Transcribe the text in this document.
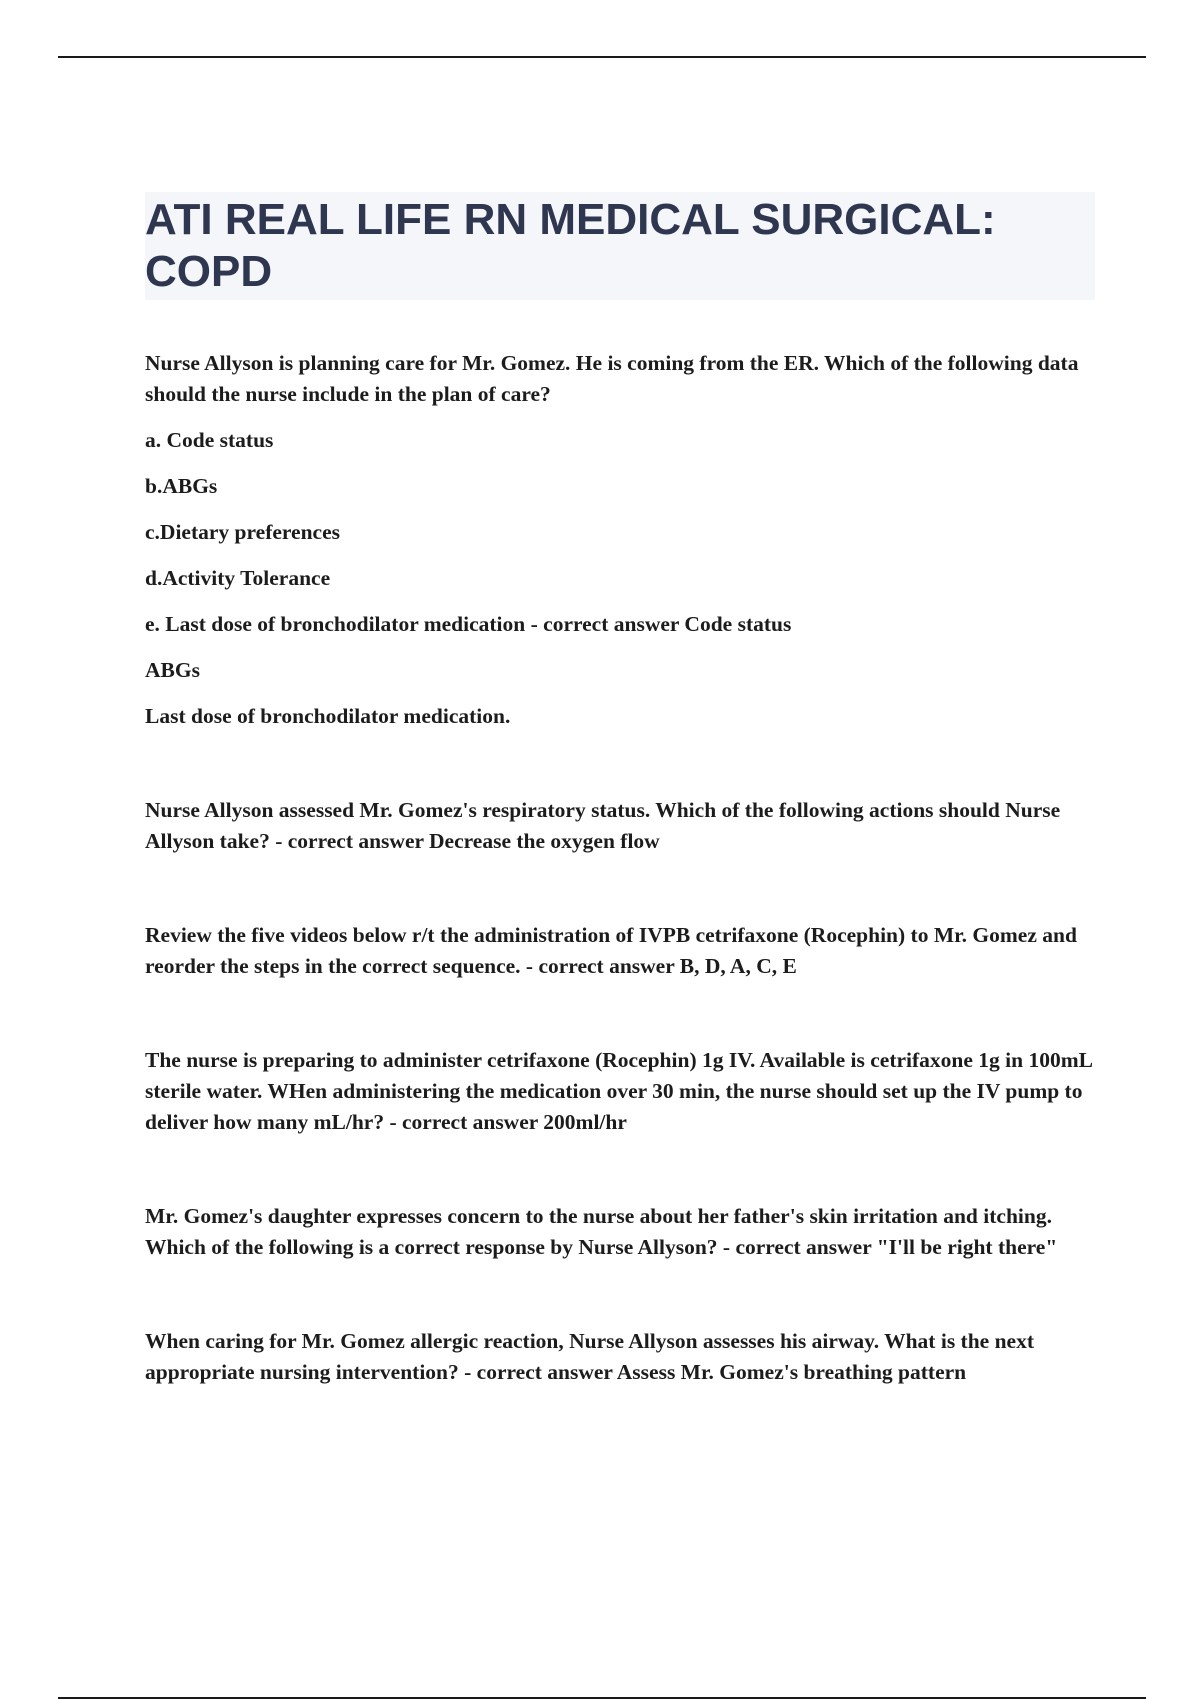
ATI REAL LIFE RN MEDICAL SURGICAL: COPD

Nurse Allyson is planning care for Mr. Gomez. He is coming from the ER. Which of the following data should the nurse include in the plan of care?

a. Code status

b.ABGs

c.Dietary preferences

d.Activity Tolerance

e. Last dose of bronchodilator medication - correct answer Code status

ABGs

Last dose of bronchodilator medication.

Nurse Allyson assessed Mr. Gomez's respiratory status. Which of the following actions should Nurse Allyson take? - correct answer Decrease the oxygen flow

Review the five videos below r/t the administration of IVPB cetrifaxone (Rocephin) to Mr. Gomez and reorder the steps in the correct sequence. - correct answer B, D, A, C, E

The nurse is preparing to administer cetrifaxone (Rocephin) 1g IV. Available is cetrifaxone 1g in 100mL sterile water. WHen administering the medication over 30 min, the nurse should set up the IV pump to deliver how many mL/hr? - correct answer 200ml/hr

Mr. Gomez's daughter expresses concern to the nurse about her father's skin irritation and itching. Which of the following is a correct response by Nurse Allyson? - correct answer "I'll be right there"

When caring for Mr. Gomez allergic reaction, Nurse Allyson assesses his airway. What is the next appropriate nursing intervention? - correct answer Assess Mr. Gomez's breathing pattern
